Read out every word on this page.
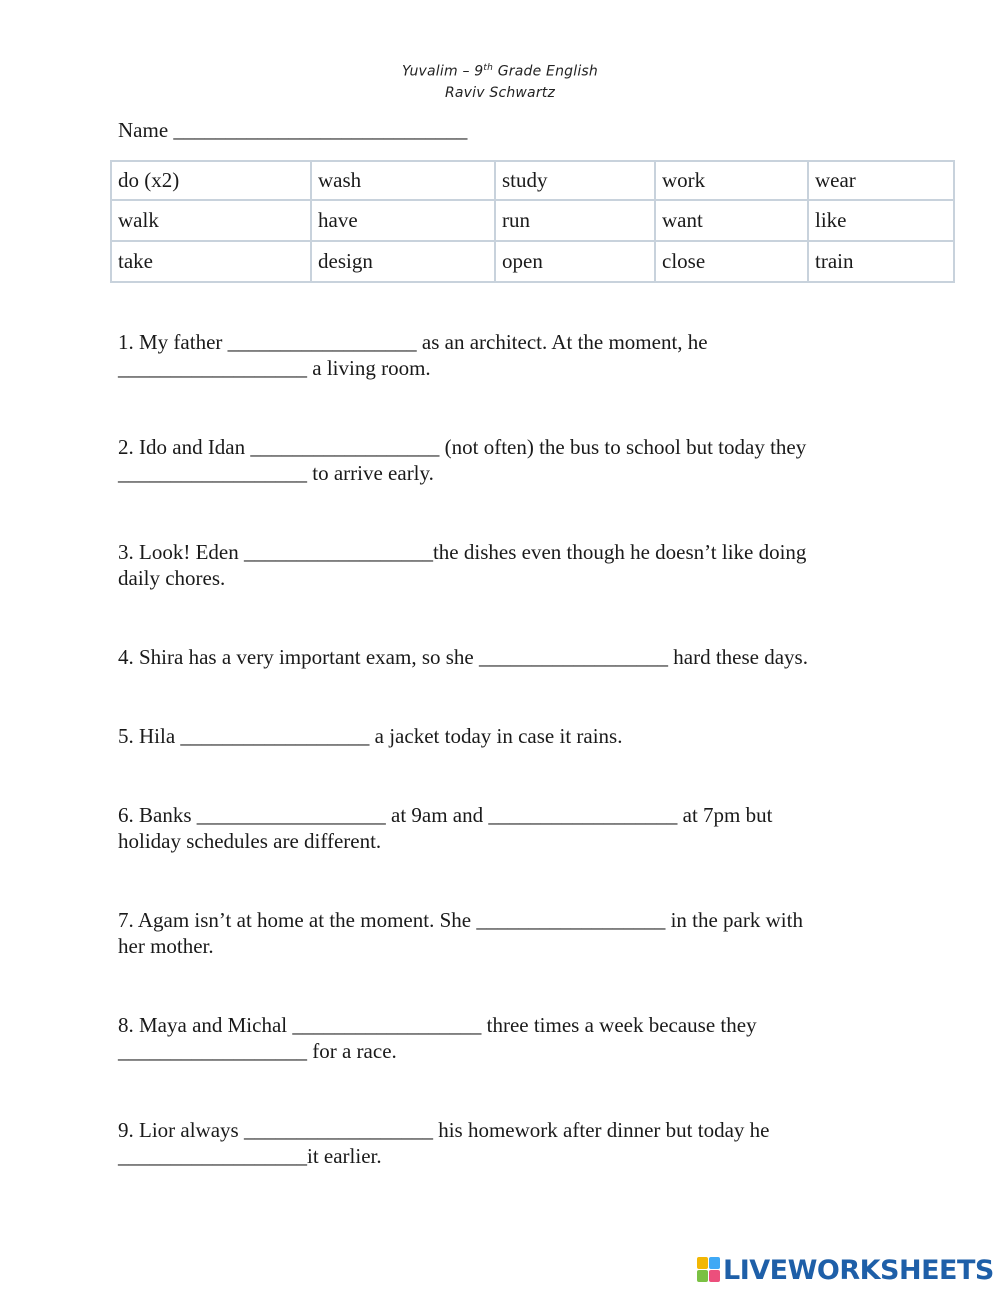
Yuvalim – 9th Grade English
Raviv Schwartz
Name ____________________________
do (x2)	wash	study	work	wear
walk	have	run	want	like
take	design	open	close	train
1. My father __________________ as an architect. At the moment, he
__________________ a living room.
2. Ido and Idan __________________ (not often) the bus to school but today they
__________________ to arrive early.
3. Look! Eden __________________the dishes even though he doesn’t like doing
daily chores.
4. Shira has a very important exam, so she __________________ hard these days.
5. Hila __________________ a jacket today in case it rains.
6. Banks __________________ at 9am and __________________ at 7pm but
holiday schedules are different.
7. Agam isn’t at home at the moment. She __________________ in the park with
her mother.
8. Maya and Michal __________________ three times a week because they
__________________ for a race.
9. Lior always __________________ his homework after dinner but today he
__________________it earlier.
LIVEWORKSHEETS
